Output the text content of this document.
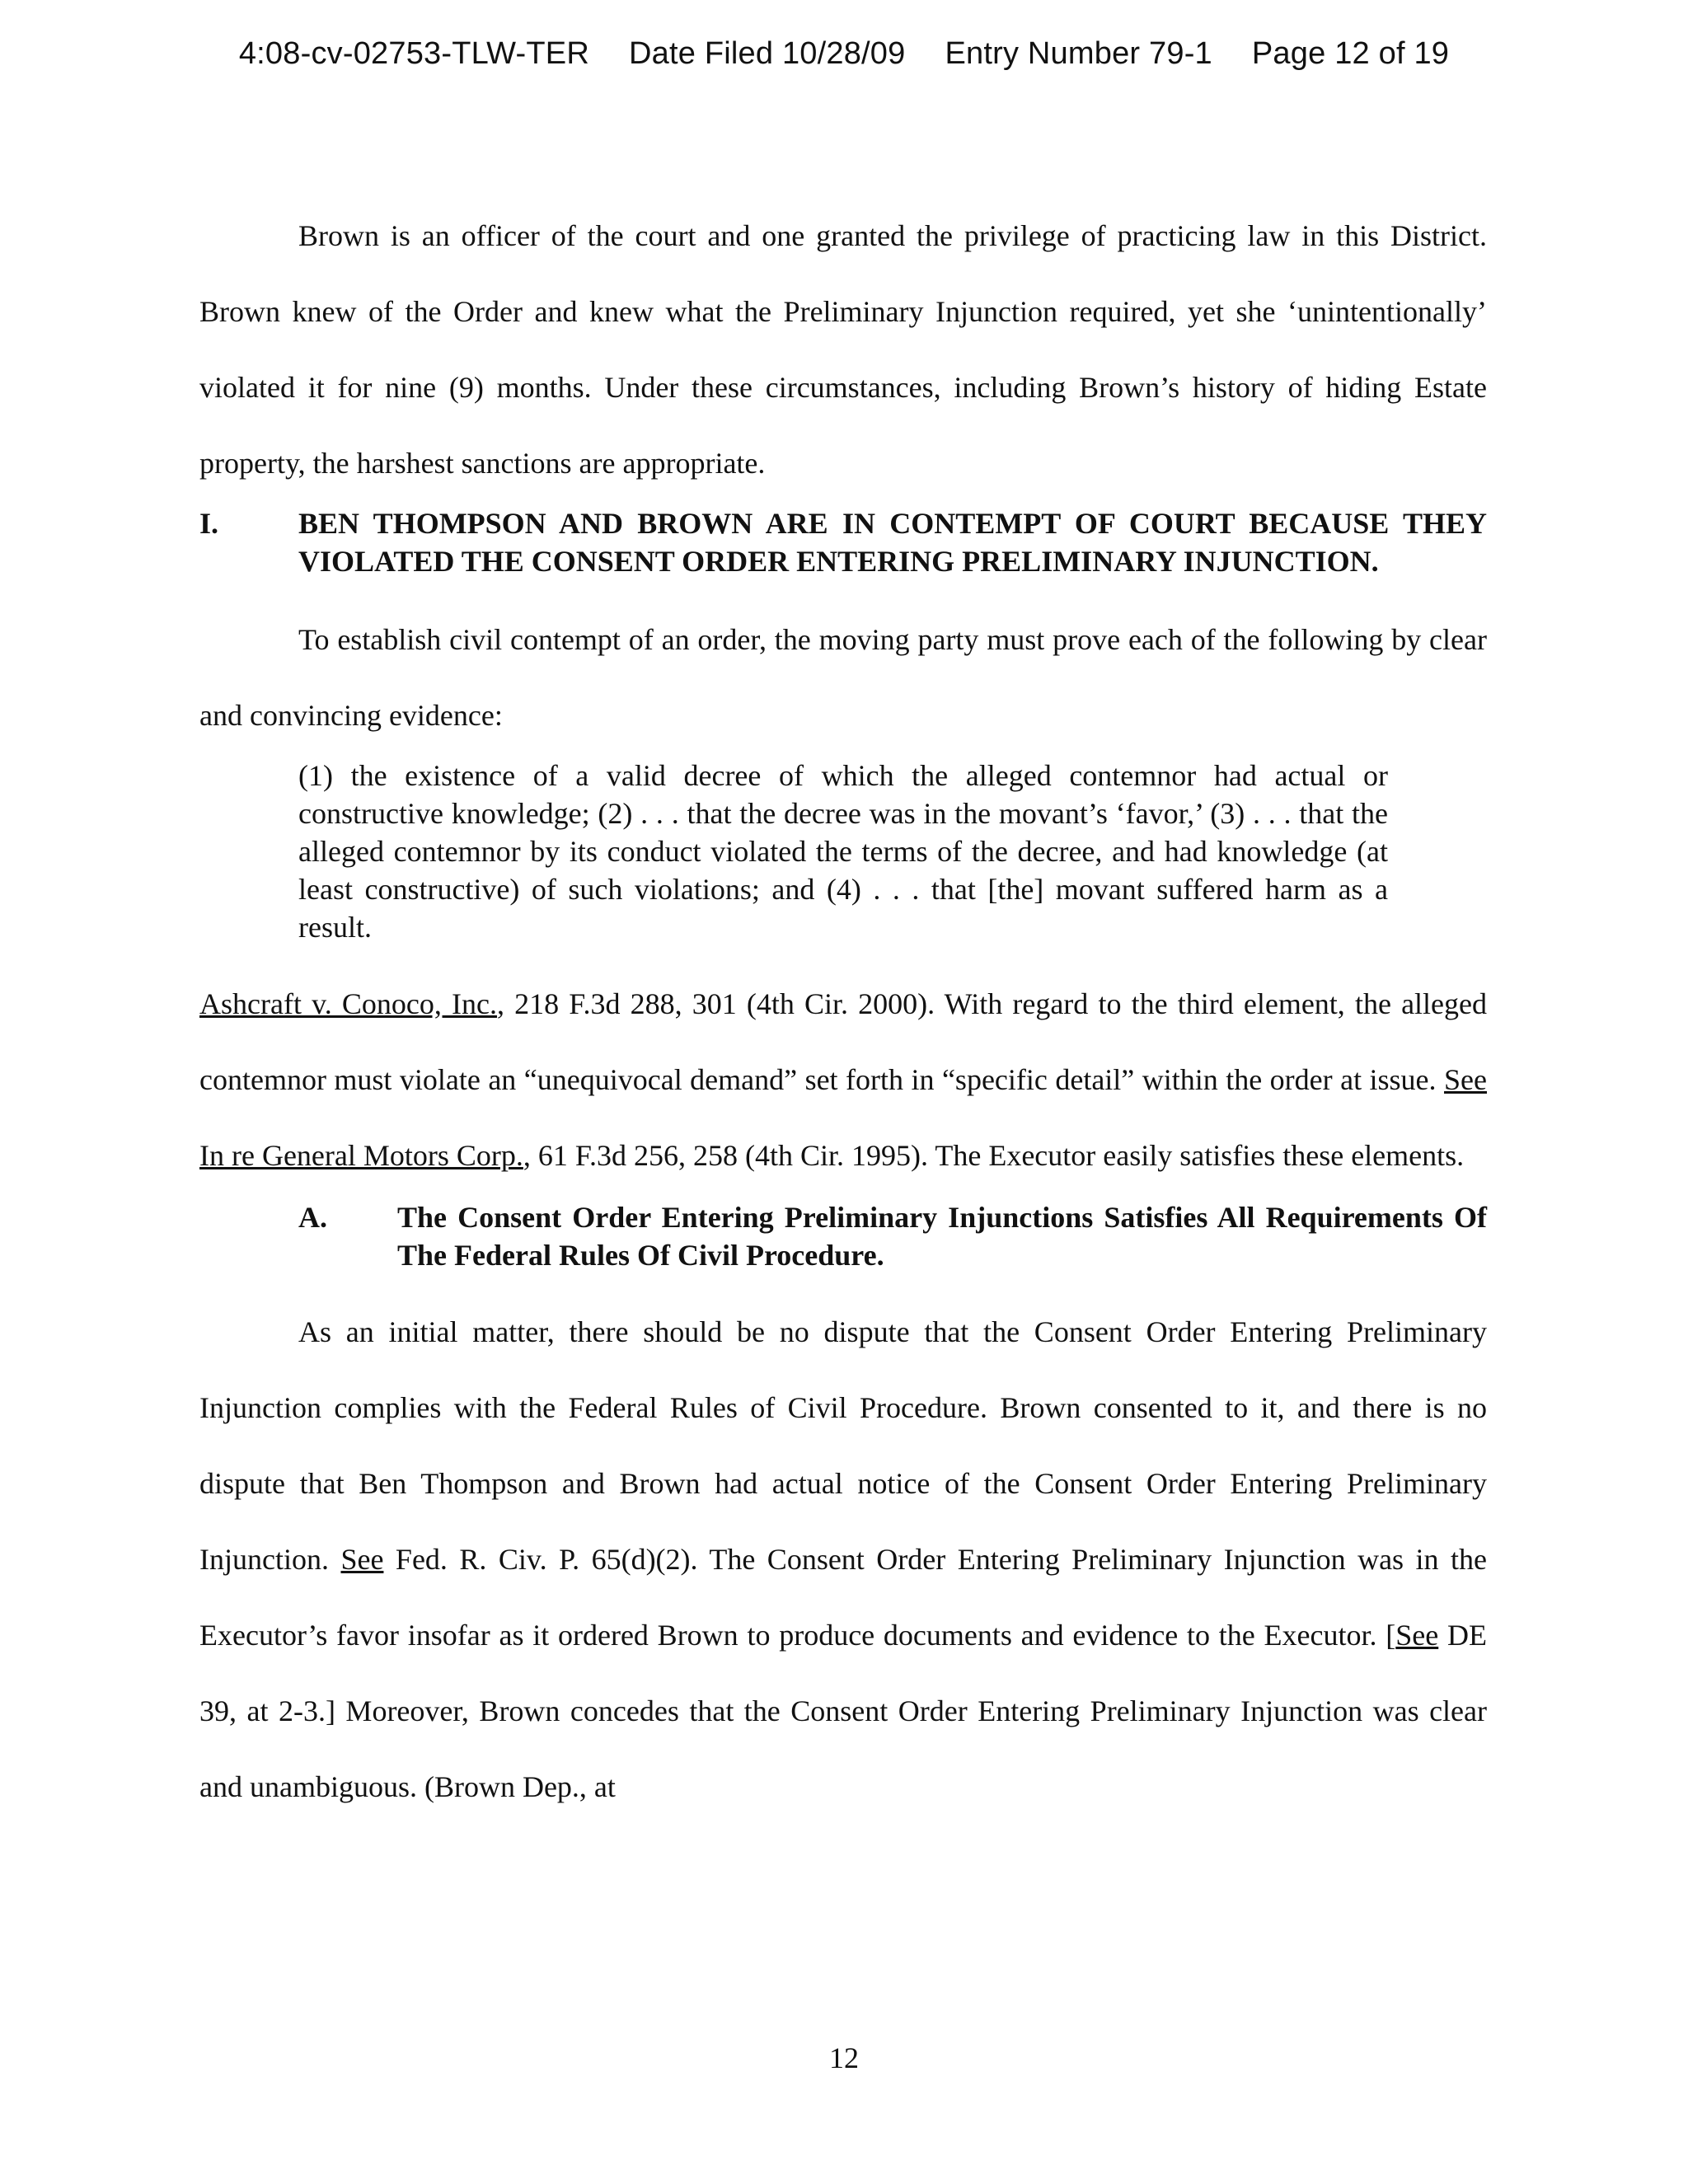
4:08-cv-02753-TLW-TER Date Filed 10/28/09 Entry Number 79-1 Page 12 of 19

Brown is an officer of the court and one granted the privilege of practicing law in this District. Brown knew of the Order and knew what the Preliminary Injunction required, yet she ‘unintentionally’ violated it for nine (9) months. Under these circumstances, including Brown’s history of hiding Estate property, the harshest sanctions are appropriate.

I.	BEN THOMPSON AND BROWN ARE IN CONTEMPT OF COURT BECAUSE THEY VIOLATED THE CONSENT ORDER ENTERING PRELIMINARY INJUNCTION.

To establish civil contempt of an order, the moving party must prove each of the following by clear and convincing evidence:

(1) the existence of a valid decree of which the alleged contemnor had actual or constructive knowledge; (2) . . . that the decree was in the movant’s ‘favor,’ (3) . . . that the alleged contemnor by its conduct violated the terms of the decree, and had knowledge (at least constructive) of such violations; and (4) . . . that [the] movant suffered harm as a result.

Ashcraft v. Conoco, Inc., 218 F.3d 288, 301 (4th Cir. 2000). With regard to the third element, the alleged contemnor must violate an “unequivocal demand” set forth in “specific detail” within the order at issue. See In re General Motors Corp., 61 F.3d 256, 258 (4th Cir. 1995). The Executor easily satisfies these elements.

A. The Consent Order Entering Preliminary Injunctions Satisfies All Requirements Of The Federal Rules Of Civil Procedure.

As an initial matter, there should be no dispute that the Consent Order Entering Preliminary Injunction complies with the Federal Rules of Civil Procedure. Brown consented to it, and there is no dispute that Ben Thompson and Brown had actual notice of the Consent Order Entering Preliminary Injunction. See Fed. R. Civ. P. 65(d)(2). The Consent Order Entering Preliminary Injunction was in the Executor’s favor insofar as it ordered Brown to produce documents and evidence to the Executor. [See DE 39, at 2-3.] Moreover, Brown concedes that the Consent Order Entering Preliminary Injunction was clear and unambiguous. (Brown Dep., at

12
